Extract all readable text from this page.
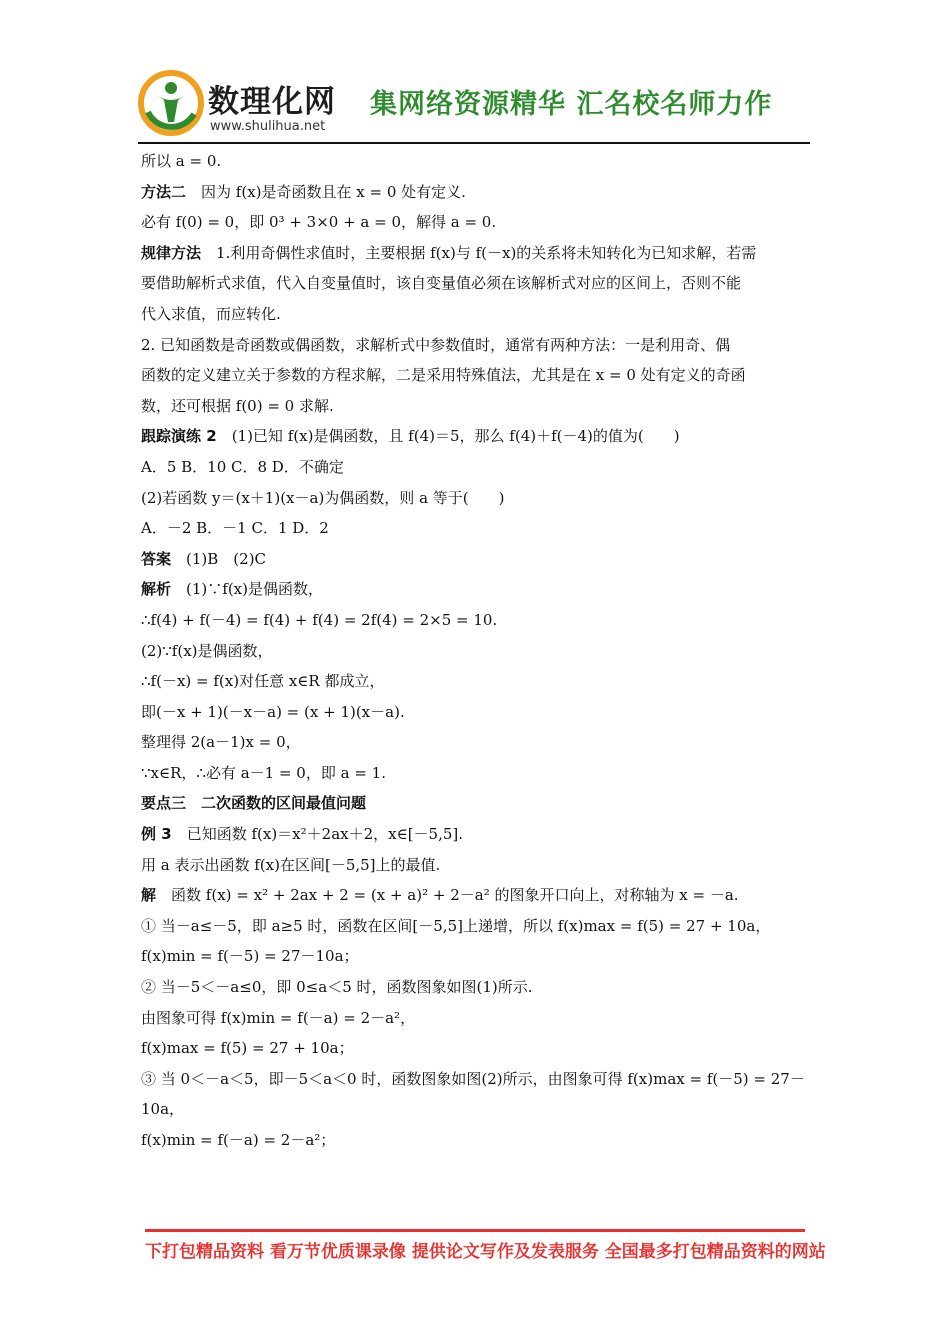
数理化网
www.shulihua.net
集网络资源精华 汇名校名师力作
所以 a = 0.
方法二　 因为 f(x)是奇函数且在 x = 0 处有定义.
必有 f(0) = 0，即 0³ + 3×0 + a = 0，解得 a = 0.
规律方法　 1.利用奇偶性求值时，主要根据 f(x)与 f(－x)的关系将未知转化为已知求解，若需
要借助解析式求值，代入自变量值时，该自变量值必须在该解析式对应的区间上，否则不能
代入求值，而应转化.
2. 已知函数是奇函数或偶函数，求解析式中参数值时，通常有两种方法：一是利用奇、偶
函数的定义建立关于参数的方程求解，二是采用特殊值法，尤其是在 x = 0 处有定义的奇函
数，还可根据 f(0) = 0 求解.
跟踪演练 2　 (1)已知 f(x)是偶函数，且 f(4)＝5，那么 f(4)＋f(－4)的值为(　　)
A．5 B．10 C．8 D．不确定
(2)若函数 y＝(x＋1)(x－a)为偶函数，则 a 等于(　　)
A．－2 B．－1 C．1 D．2
答案　 (1)B　(2)C
解析　 (1)∵f(x)是偶函数，
∴f(4) + f(－4) = f(4) + f(4) = 2f(4) = 2×5 = 10.
(2)∵f(x)是偶函数，
∴f(－x) = f(x)对任意 x∈R 都成立，
即(－x + 1)(－x－a) = (x + 1)(x－a).
整理得 2(a－1)x = 0，
∵x∈R，∴必有 a－1 = 0，即 a = 1.
要点三　二次函数的区间最值问题
例 3　 已知函数 f(x)＝x²＋2ax＋2，x∈[－5,5].
用 a 表示出函数 f(x)在区间[－5,5]上的最值.
解　 函数 f(x) = x² + 2ax + 2 = (x + a)² + 2－a² 的图象开口向上，对称轴为 x = －a.
① 当－a≤－5，即 a≥5 时，函数在区间[－5,5]上递增，所以 f(x)max = f(5) = 27 + 10a，
f(x)min = f(－5) = 27－10a；
② 当－5＜－a≤0，即 0≤a＜5 时，函数图象如图(1)所示.
由图象可得 f(x)min = f(－a) = 2－a²，
f(x)max = f(5) = 27 + 10a；
③ 当 0＜－a＜5，即－5＜a＜0 时，函数图象如图(2)所示，由图象可得 f(x)max = f(－5) = 27－
10a，
f(x)min = f(－a) = 2－a²；
下打包精品资料 看万节优质课录像 提供论文写作及发表服务 全国最多打包精品资料的网站
